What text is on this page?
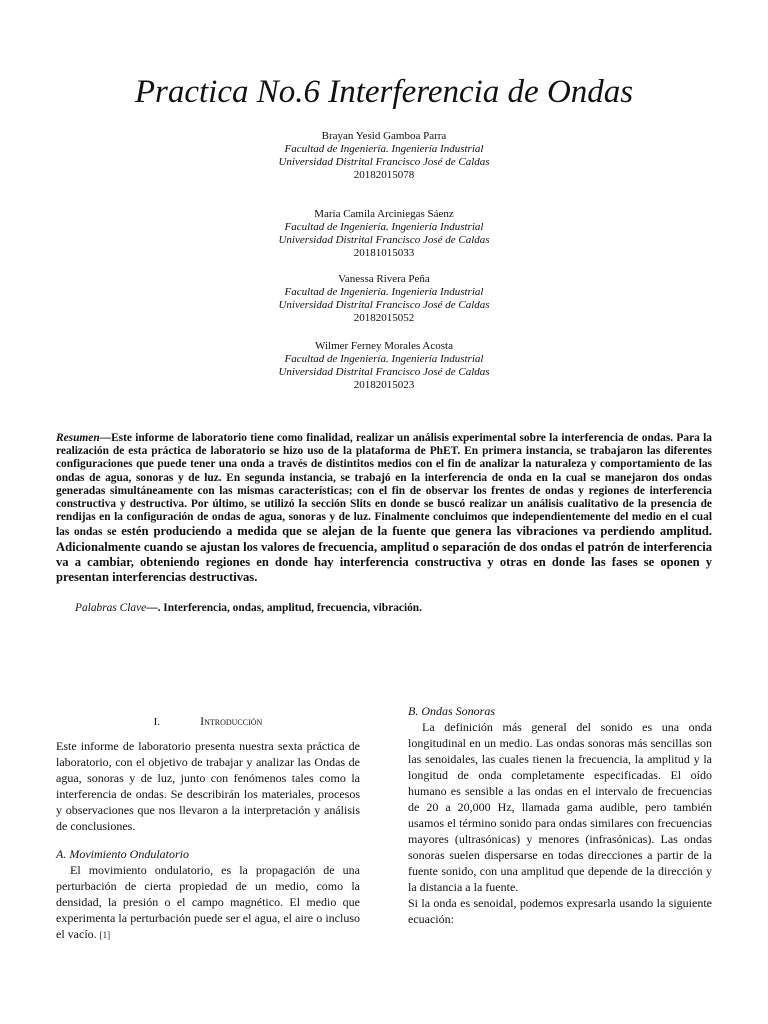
Practica No.6 Interferencia de Ondas
Brayan Yesid Gamboa Parra
Facultad de Ingeniería. Ingeniería Industrial
Universidad Distrital Francisco José de Caldas
20182015078
María Camila Arciniegas Sáenz
Facultad de Ingeniería. Ingeniería Industrial
Universidad Distrital Francisco José de Caldas
20181015033
Vanessa Rivera Peña
Facultad de Ingeniería. Ingeniería Industrial
Universidad Distrital Francisco José de Caldas
20182015052
Wilmer Ferney Morales Acosta
Facultad de Ingeniería. Ingeniería Industrial
Universidad Distrital Francisco José de Caldas
20182015023

Resumen—Este informe de laboratorio tiene como finalidad, realizar un análisis experimental sobre la interferencia de ondas. Para la realización de esta práctica de laboratorio se hizo uso de la plataforma de PhET. En primera instancia, se trabajaron las diferentes configuraciones que puede tener una onda a través de distintitos medios con el fin de analizar la naturaleza y comportamiento de las ondas de agua, sonoras y de luz. En segunda instancia, se trabajó en la interferencia de onda en la cual se manejaron dos ondas generadas simultáneamente con las mismas características; con el fin de observar los frentes de ondas y regiones de interferencia constructiva y destructiva. Por último, se utilizó la sección Slits en donde se buscó realizar un análisis cualitativo de la presencia de rendijas en la configuración de ondas de agua, sonoras y de luz. Finalmente concluimos que independientemente del medio en el cual las ondas se estén produciendo a medida que se alejan de la fuente que genera las vibraciones va perdiendo amplitud. Adicionalmente cuando se ajustan los valores de frecuencia, amplitud o separación de dos ondas el patrón de interferencia va a cambiar, obteniendo regiones en donde hay interferencia constructiva y otras en donde las fases se oponen y presentan interferencias destructivas.

Palabras Clave—. Interferencia, ondas, amplitud, frecuencia, vibración.

I.	Introducción

Este informe de laboratorio presenta nuestra sexta práctica de laboratorio, con el objetivo de trabajar y analizar las Ondas de agua, sonoras y de luz, junto con fenómenos tales como la interferencia de ondas. Se describirán los materiales, procesos y observaciones que nos llevaron a la interpretación y análisis de conclusiones.

A. Movimiento Ondulatorio

El movimiento ondulatorio, es la propagación de una perturbación de cierta propiedad de un medio, como la densidad, la presión o el campo magnético. El medio que experimenta la perturbación puede ser el agua, el aire o incluso el vacío. [1]

B. Ondas Sonoras

La definición más general del sonido es una onda longitudinal en un medio. Las ondas sonoras más sencillas son las senoidales, las cuales tienen la frecuencia, la amplitud y la longitud de onda completamente especificadas. El oído humano es sensible a las ondas en el intervalo de frecuencias de 20 a 20,000 Hz, llamada gama audible, pero también usamos el término sonido para ondas similares con frecuencias mayores (ultrasónicas) y menores (infrasónicas). Las ondas sonoras suelen dispersarse en todas direcciones a partir de la fuente sonido, con una amplitud que depende de la dirección y la distancia a la fuente.

Si la onda es senoidal, podemos expresarla usando la siguiente ecuación:
